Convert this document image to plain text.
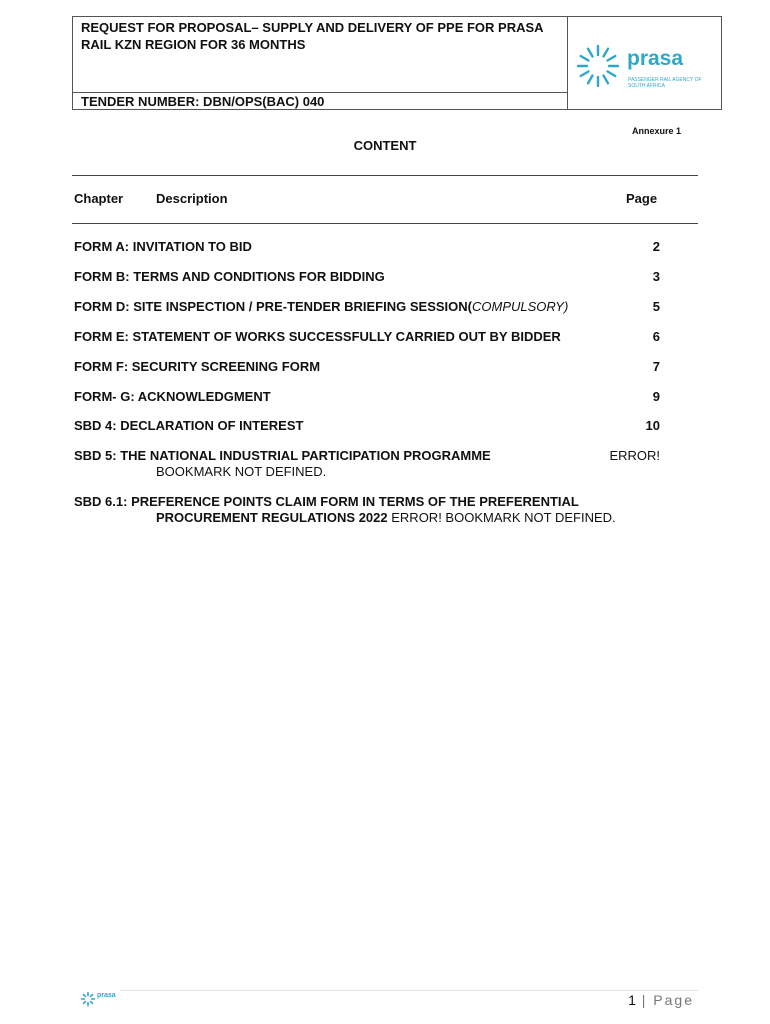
REQUEST FOR PROPOSAL– SUPPLY AND DELIVERY OF PPE FOR PRASA RAIL KZN REGION FOR 36 MONTHS
TENDER NUMBER: DBN/OPS(BAC) 040
prasa
PASSENGER RAIL AGENCY OF SOUTH AFRICA
Annexure 1
CONTENT
Chapter	Description	Page
FORM A: INVITATION TO BID	2
FORM B: TERMS AND CONDITIONS FOR BIDDING	3
FORM D: SITE INSPECTION / PRE-TENDER BRIEFING SESSION(COMPULSORY)	5
FORM E: STATEMENT OF WORKS SUCCESSFULLY CARRIED OUT BY BIDDER	6
FORM F: SECURITY SCREENING FORM	7
FORM- G: ACKNOWLEDGMENT	9
SBD 4: DECLARATION OF INTEREST	10
SBD 5: THE NATIONAL INDUSTRIAL PARTICIPATION PROGRAMME	ERROR!
BOOKMARK NOT DEFINED.
SBD 6.1: PREFERENCE POINTS CLAIM FORM IN TERMS OF THE PREFERENTIAL
PROCUREMENT REGULATIONS 2022 ERROR! BOOKMARK NOT DEFINED.
prasa	1 | Page
